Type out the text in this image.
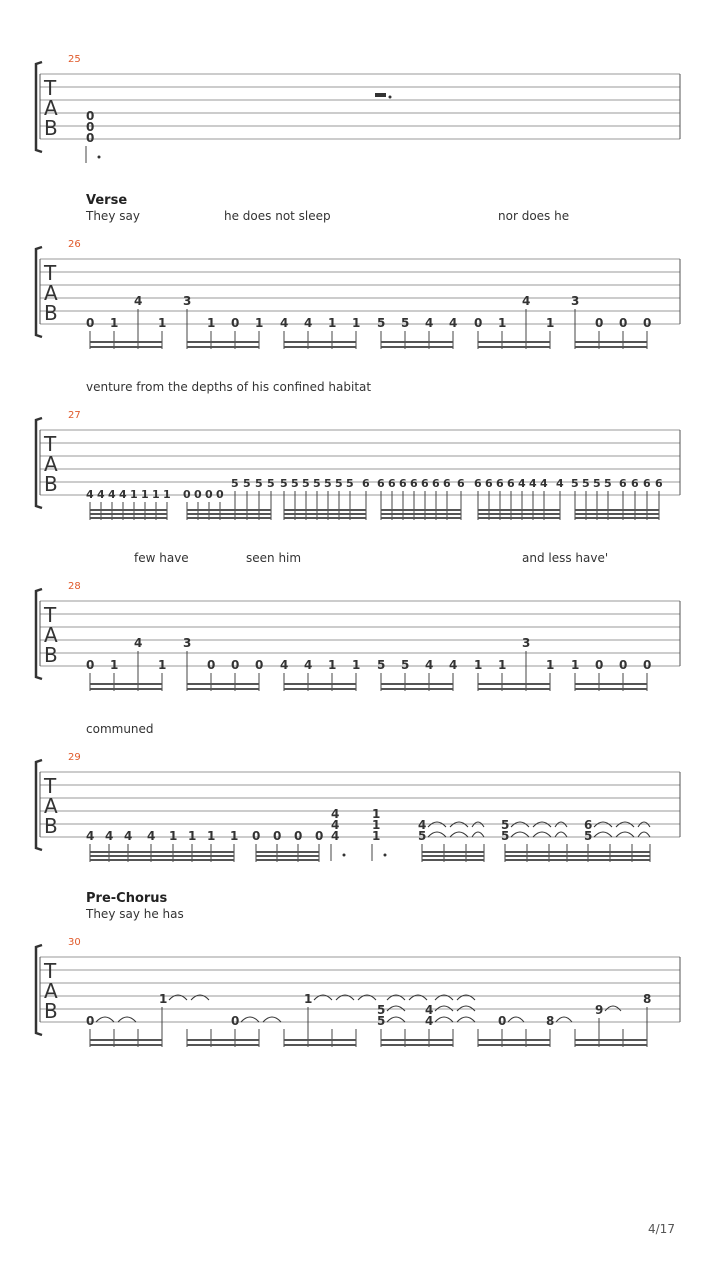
25
T
A
B 0
0
0
Verse
They say	he does not sleep	nor does he
26
T
A
B 0 1
4
1
3
1 0 1 4 4 1 1 5 5 4 4 0 1
4
1
3
0 0 0
venture from the depths of his confined habitat
27
T
A
B	4 4 4 4 1 1 1 1 0 0 0 0
5 5 5 5 5 5 5 5 5 5 5 6 6 6 6 6 6 6 6 6 6 6 6 6 4 4 4 4 5 5 5 5 6 6 6 6
few have	seen him	and less have'
28
T
A
B 0 1
4
1
3
0 0 0 4 4 1 1 5 5 4 4 1 1
3
1 1 0 0 0
communed
29
T
A
B 4 4 4 4 1 1 1 1 0 0 0 0
4
4
4
1
1
1
4
5
5
5
6
5
Pre-Chorus
They say he has
30
T
A
B 0
1
0
1
5
5
4
4	0	8
9
8
4/17
